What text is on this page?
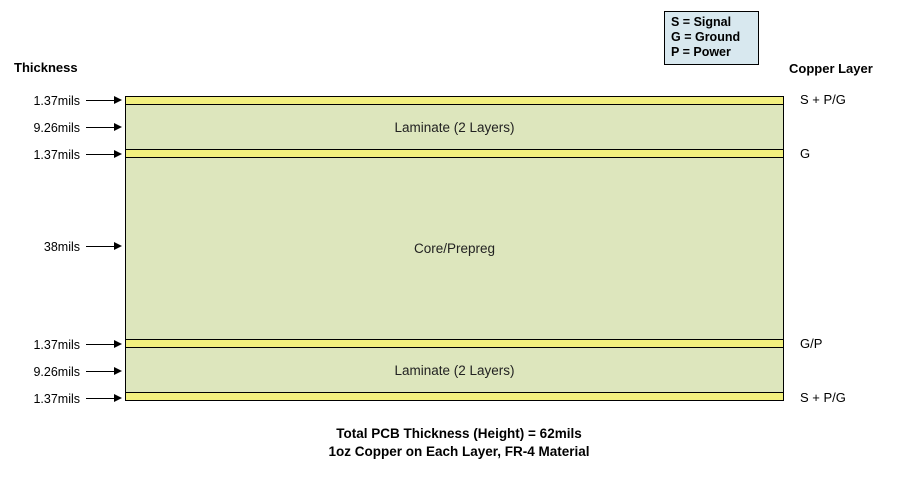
S = Signal
G = Ground
P = Power
Thickness	Copper Layer
Laminate (2 Layers)
Core/Prepreg
Laminate (2 Layers)
1.37mils
9.26mils
1.37mils
38mils
1.37mils
9.26mils
1.37mils
S + P/G
G
G/P
S + P/G
Total PCB Thickness (Height) = 62mils
1oz Copper on Each Layer, FR-4 Material
